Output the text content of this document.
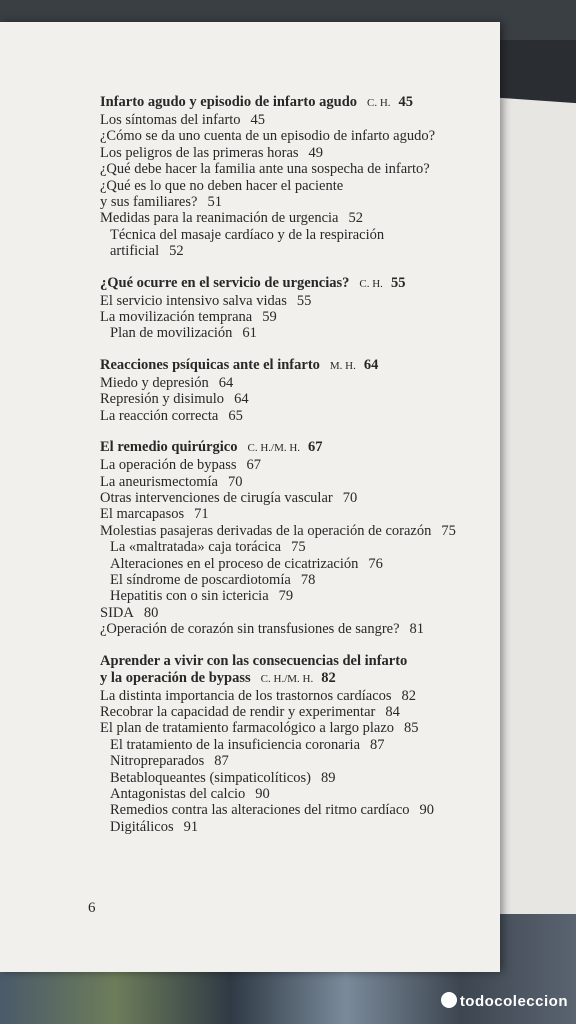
Infarto agudo y episodio de infarto agudo C. H. 45
Los síntomas del infarto 45
¿Cómo se da uno cuenta de un episodio de infarto agudo?
Los peligros de las primeras horas 49
¿Qué debe hacer la familia ante una sospecha de infarto?
¿Qué es lo que no deben hacer el paciente
y sus familiares? 51
Medidas para la reanimación de urgencia 52
Técnica del masaje cardíaco y de la respiración
artificial 52
¿Qué ocurre en el servicio de urgencias? C. H. 55
El servicio intensivo salva vidas 55
La movilización temprana 59
Plan de movilización 61
Reacciones psíquicas ante el infarto M. H. 64
Miedo y depresión 64
Represión y disimulo 64
La reacción correcta 65
El remedio quirúrgico C. H./M. H. 67
La operación de bypass 67
La aneurismectomía 70
Otras intervenciones de cirugía vascular 70
El marcapasos 71
Molestias pasajeras derivadas de la operación de corazón 75
La «maltratada» caja torácica 75
Alteraciones en el proceso de cicatrización 76
El síndrome de poscardiotomía 78
Hepatitis con o sin ictericia 79
SIDA 80
¿Operación de corazón sin transfusiones de sangre? 81
Aprender a vivir con las consecuencias del infarto
y la operación de bypass C. H./M. H. 82
La distinta importancia de los trastornos cardíacos 82
Recobrar la capacidad de rendir y experimentar 84
El plan de tratamiento farmacológico a largo plazo 85
El tratamiento de la insuficiencia coronaria 87
Nitropreparados 87
Betabloqueantes (simpaticolíticos) 89
Antagonistas del calcio 90
Remedios contra las alteraciones del ritmo cardíaco 90
Digitálicos 91
6
todocoleccion
